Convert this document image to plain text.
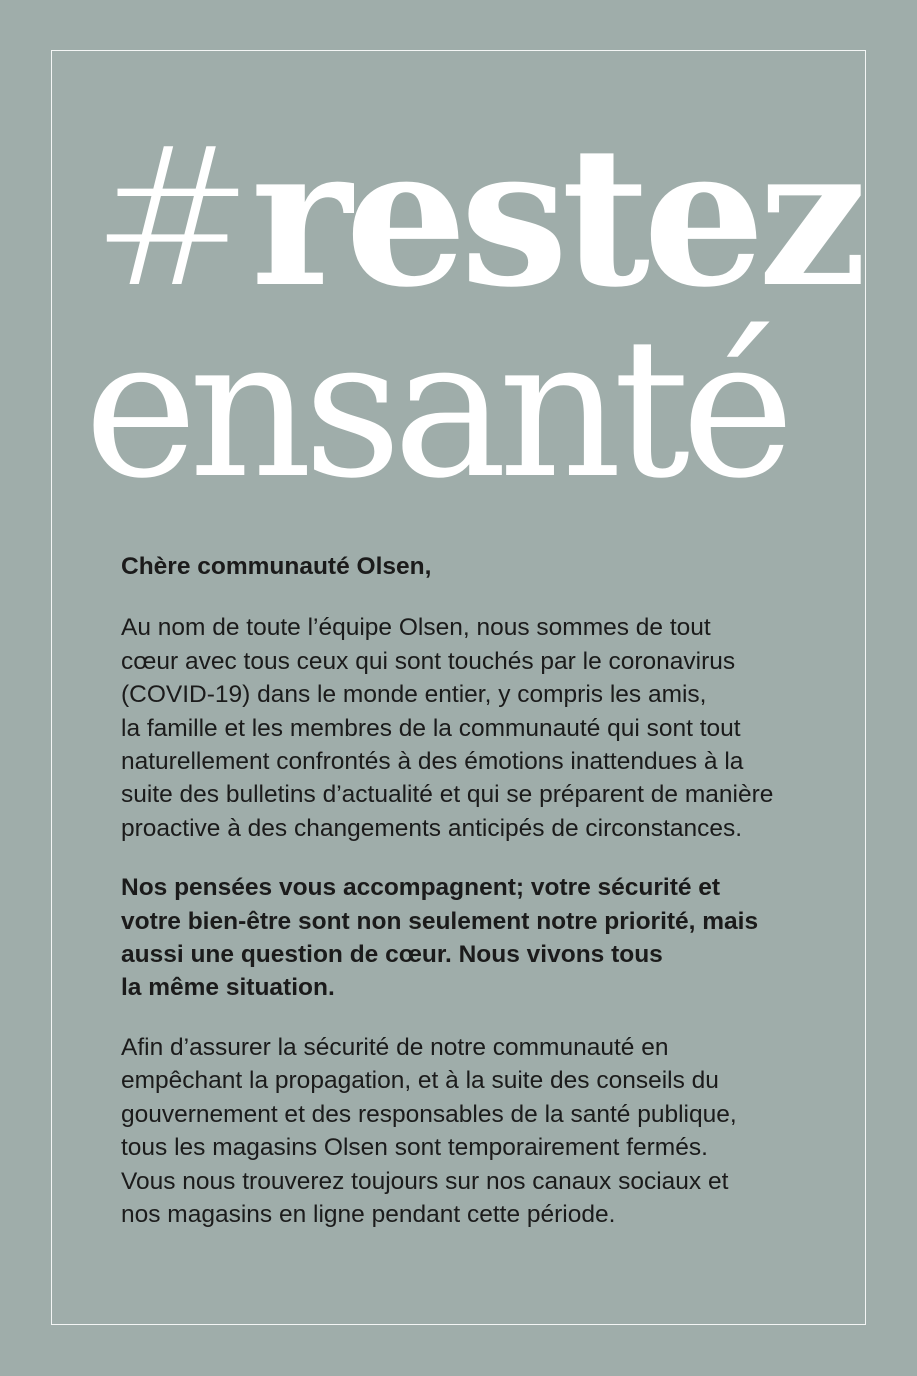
#restez
ensanté

Chère communauté Olsen,

Au nom de toute l’équipe Olsen, nous sommes de tout
cœur avec tous ceux qui sont touchés par le coronavirus
(COVID-19) dans le monde entier, y compris les amis,
la famille et les membres de la communauté qui sont tout
naturellement confrontés à des émotions inattendues à la
suite des bulletins d’actualité et qui se préparent de manière
proactive à des changements anticipés de circonstances.

Nos pensées vous accompagnent; votre sécurité et
votre bien-être sont non seulement notre priorité, mais
aussi une question de cœur. Nous vivons tous
la même situation.

Afin d’assurer la sécurité de notre communauté en
empêchant la propagation, et à la suite des conseils du
gouvernement et des responsables de la santé publique,
tous les magasins Olsen sont temporairement fermés.
Vous nous trouverez toujours sur nos canaux sociaux et
nos magasins en ligne pendant cette période.
